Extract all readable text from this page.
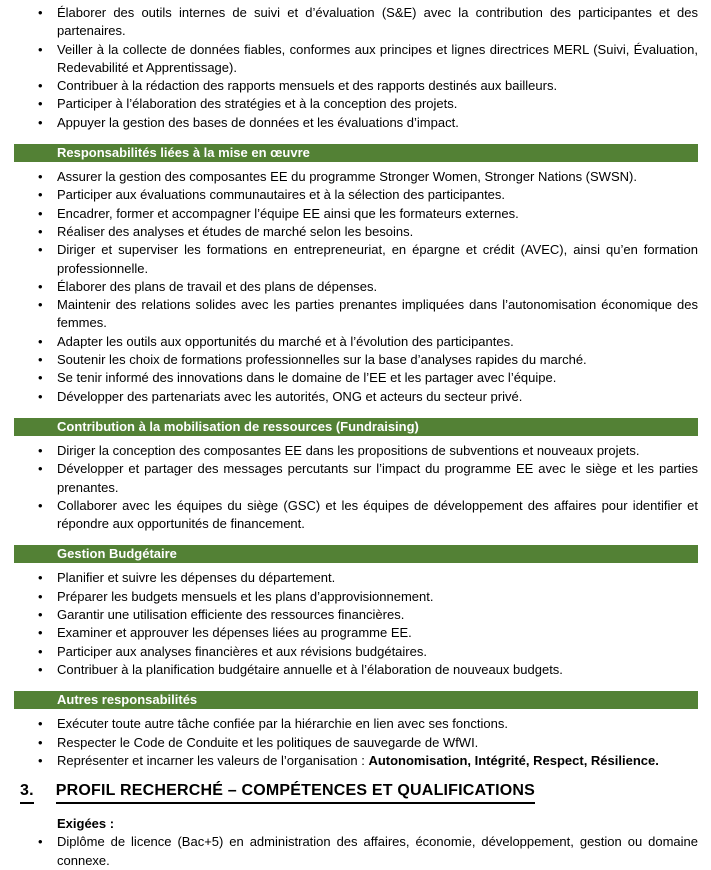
• Élaborer des outils internes de suivi et d’évaluation (S&E) avec la contribution des participantes et des partenaires.
• Veiller à la collecte de données fiables, conformes aux principes et lignes directrices MERL (Suivi, Évaluation, Redevabilité et Apprentissage).
• Contribuer à la rédaction des rapports mensuels et des rapports destinés aux bailleurs.
• Participer à l’élaboration des stratégies et à la conception des projets.
• Appuyer la gestion des bases de données et les évaluations d’impact.
Responsabilités liées à la mise en œuvre
• Assurer la gestion des composantes EE du programme Stronger Women, Stronger Nations (SWSN).
• Participer aux évaluations communautaires et à la sélection des participantes.
• Encadrer, former et accompagner l’équipe EE ainsi que les formateurs externes.
• Réaliser des analyses et études de marché selon les besoins.
• Diriger et superviser les formations en entrepreneuriat, en épargne et crédit (AVEC), ainsi qu’en formation professionnelle.
• Élaborer des plans de travail et des plans de dépenses.
• Maintenir des relations solides avec les parties prenantes impliquées dans l’autonomisation économique des femmes.
• Adapter les outils aux opportunités du marché et à l’évolution des participantes.
• Soutenir les choix de formations professionnelles sur la base d’analyses rapides du marché.
• Se tenir informé des innovations dans le domaine de l’EE et les partager avec l’équipe.
• Développer des partenariats avec les autorités, ONG et acteurs du secteur privé.
Contribution à la mobilisation de ressources (Fundraising)
• Diriger la conception des composantes EE dans les propositions de subventions et nouveaux projets.
• Développer et partager des messages percutants sur l’impact du programme EE avec le siège et les parties prenantes.
• Collaborer avec les équipes du siège (GSC) et les équipes de développement des affaires pour identifier et répondre aux opportunités de financement.
Gestion Budgétaire
• Planifier et suivre les dépenses du département.
• Préparer les budgets mensuels et les plans d’approvisionnement.
• Garantir une utilisation efficiente des ressources financières.
• Examiner et approuver les dépenses liées au programme EE.
• Participer aux analyses financières et aux révisions budgétaires.
• Contribuer à la planification budgétaire annuelle et à l’élaboration de nouveaux budgets.
Autres responsabilités
• Exécuter toute autre tâche confiée par la hiérarchie en lien avec ses fonctions.
• Respecter le Code de Conduite et les politiques de sauvegarde de WfWI.
• Représenter et incarner les valeurs de l’organisation : Autonomisation, Intégrité, Respect, Résilience.
3. PROFIL RECHERCHÉ – COMPÉTENCES ET QUALIFICATIONS
Exigées :
• Diplôme de licence (Bac+5) en administration des affaires, économie, développement, gestion ou domaine connexe.
